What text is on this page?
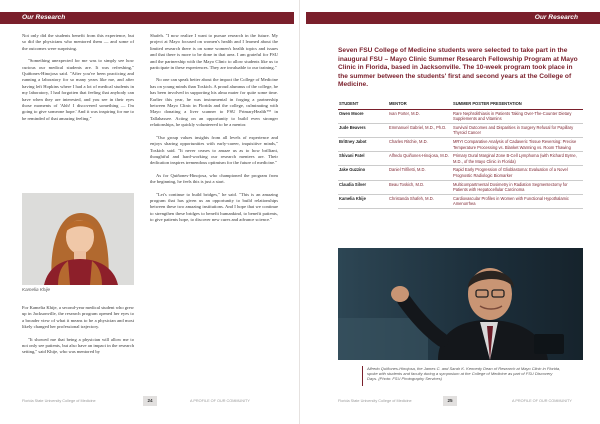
Our Research

Not only did the students benefit from this experience, but so did the physicians who mentored them — and some of the outcomes were surprising.

"Something unexpected for me was to simply see how curious our medical students are. It was refreshing," Quiñones-Hinojosa said. "After you've been practicing and running a laboratory for so many years like me, and after having left Hopkins where I had a lot of medical students in my laboratory, I had forgotten that feeling that anybody can have when they are interested, and you see in their eyes those moments of 'Ahh! I discovered something — I'm going to give someone hope.' And it was inspiring for me to be reminded of that amazing feeling."

Kamelia Khije

For Kamelia Khije, a second-year medical student who grew up in Jacksonville, the research program opened her eyes to a broader view of what it means to be a physician and most likely changed her professional trajectory.

"It showed me that being a physician will allow me to not only see patients, but also have an impact in the research setting," said Khije, who was mentored by

Shafeh. "I now realize I want to pursue research in the future. My project at Mayo focused on women's health and I learned about the limited research there is on some women's health topics and issues and that there is more to be done in that area. I am grateful for FSU and the partnership with the Mayo Clinic to allow students like us to participate in these experiences. They are invaluable to our training."

No one can speak better about the impact the College of Medicine has on young minds than Toskich. A proud alumnus of the college, he has been involved in supporting his alma mater for quite some time. Earlier this year, he was instrumental in forging a partnership between Mayo Clinic in Florida and the college, culminating with Mayo donating a liver scanner to FSU PrimaryHealth™ in Tallahassee. Acting on an opportunity to build even stronger relationships, he quickly volunteered to be a mentor.

"Our group values insights from all levels of experience and enjoys sharing opportunities with early-career, inquisitive minds," Toskich said. "It never ceases to amaze us as to how brilliant, thoughtful and hard-working our research mentees are. Their dedication inspires tremendous optimism for the future of medicine."

As for Quiñones-Hinojosa, who championed the program from the beginning, he feels this is just a start.

"Let's continue to build bridges," he said. "This is an amazing program that has given us an opportunity to build relationships between these two amazing institutions. And I hope that we continue to strengthen these bridges to benefit humankind, to benefit patients, to give patients hope, to discover new cures and advance science."

Florida State University College of Medicine	24	A PROFILE OF OUR COMMUNITY
Our Research
Seven FSU College of Medicine students were selected to take part in the inaugural FSU – Mayo Clinic Summer Research Fellowship Program at Mayo Clinic in Florida, based in Jacksonville. The 10-week program took place in the summer between the students' first and second years at the College of Medicine.
STUDENT	MENTOR	SUMMER POSTER PRESENTATION
Owen Moore	Ivan Porter, M.D.	Rare Nephrolithiasis in Patients Taking Over-The-Counter Dietary Supplements and Vitamins
Jude Beavers	Emmanuel Gabriel, M.D., Ph.D.	Survival Outcomes and Disparities in Surgery Refusal for Papillary Thyroid Cancer
Brittney Jabot	Charles Ritchie, M.D.	MRYI Comparative Analysis of Cadaveric Tissue Reversing: Precise Temperature Processing vs. Blanket Warming vs. Room Thawing
Shivani Patel	Alfredo Quiñones-Hinojosa, M.D.	Primary Dural Marginal Zone B-Cell Lymphoma (with Richard Byrne, M.D., of the Mayo Clinic in Florida)
Jake Guzzino	Daniel Trifiletti, M.D.	Rapid Early Progression of Glioblastoma: Evaluation of a Novel Prognostic Radiologic Biomarker
Claudia Silver	Beau Toskich, M.D.	Multicompartmental Dosimetry in Radiation Segmentectomy for Patients with Hepatocellular Carcinoma
Kamelia Khije	Christanda Shafeh, M.D.	Cardiovascular Profiles in Women with Functional Hypothalamic Amenorrhea
Alfredo Quiñones-Hinojosa, the James C. and Sarah K. Kennedy Dean of Research at Mayo Clinic in Florida, spoke with students and faculty during a symposium at the College of Medicine as part of FSU Discovery Days. (Photo: FSU Photography Services)
Florida State University College of Medicine	25	A PROFILE OF OUR COMMUNITY
